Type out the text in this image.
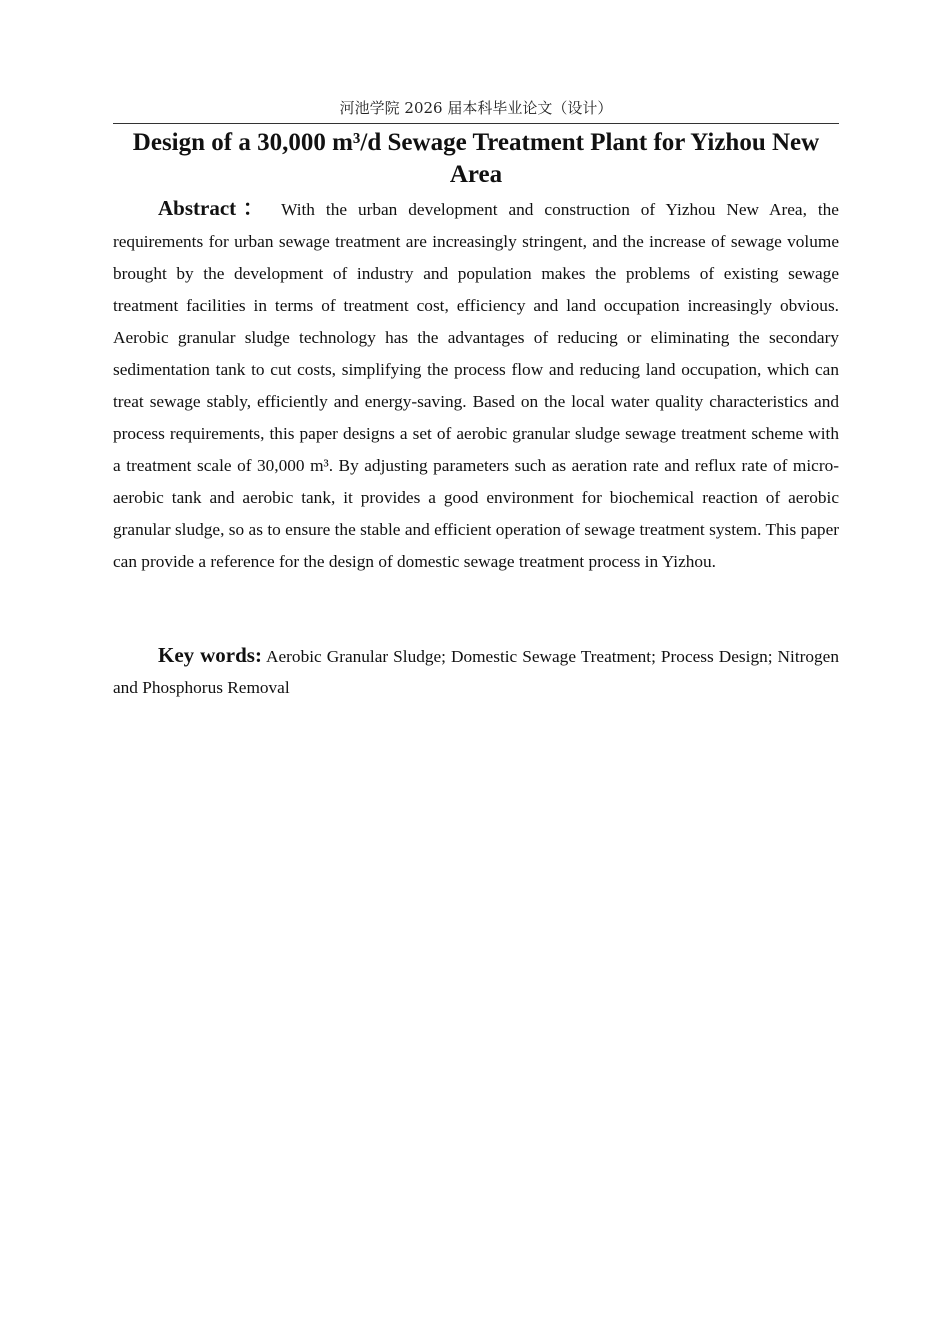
河池学院 2026 届本科毕业论文（设计）
Design of a 30,000 m³/d Sewage Treatment Plant for Yizhou New Area

Abstract： With the urban development and construction of Yizhou New Area, the requirements for urban sewage treatment are increasingly stringent, and the increase of sewage volume brought by the development of industry and population makes the problems of existing sewage treatment facilities in terms of treatment cost, efficiency and land occupation increasingly obvious. Aerobic granular sludge technology has the advantages of reducing or eliminating the secondary sedimentation tank to cut costs, simplifying the process flow and reducing land occupation, which can treat sewage stably, efficiently and energy-saving. Based on the local water quality characteristics and process requirements, this paper designs a set of aerobic granular sludge sewage treatment scheme with a treatment scale of 30,000 m³. By adjusting parameters such as aeration rate and reflux rate of micro-aerobic tank and aerobic tank, it provides a good environment for biochemical reaction of aerobic granular sludge, so as to ensure the stable and efficient operation of sewage treatment system. This paper can provide a reference for the design of domestic sewage treatment process in Yizhou.

Key words: Aerobic Granular Sludge; Domestic Sewage Treatment; Process Design; Nitrogen and Phosphorus Removal
